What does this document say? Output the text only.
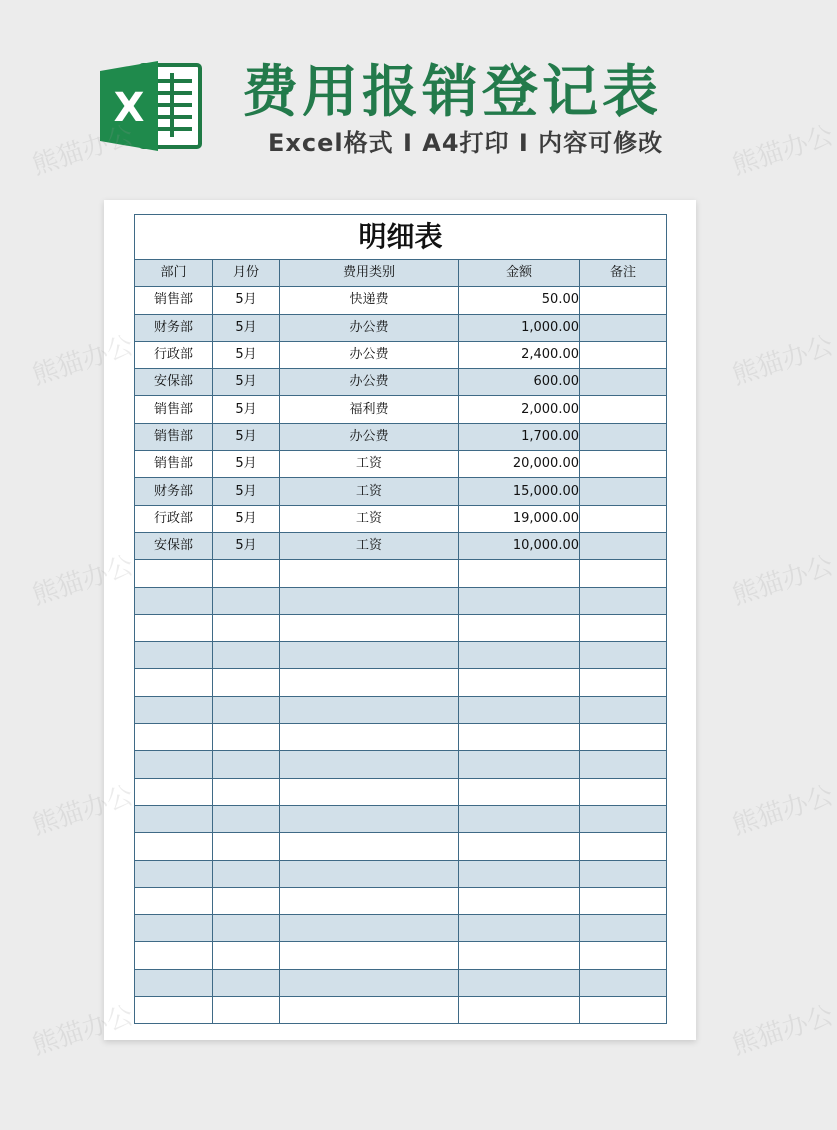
X 费用报销登记表
Excel格式 I A4打印 I 内容可修改
明细表				
部门	月份	费用类别	金额	备注
销售部	5月	快递费	50.00	
财务部	5月	办公费	1,000.00	
行政部	5月	办公费	2,400.00	
安保部	5月	办公费	600.00	
销售部	5月	福利费	2,000.00	
销售部	5月	办公费	1,700.00	
销售部	5月	工资	20,000.00	
财务部	5月	工资	15,000.00	
行政部	5月	工资	19,000.00	
安保部	5月	工资	10,000.00	

熊猫办公	熊猫办公
熊猫办公	熊猫办公
熊猫办公	熊猫办公
熊猫办公	熊猫办公
熊猫办公	熊猫办公
